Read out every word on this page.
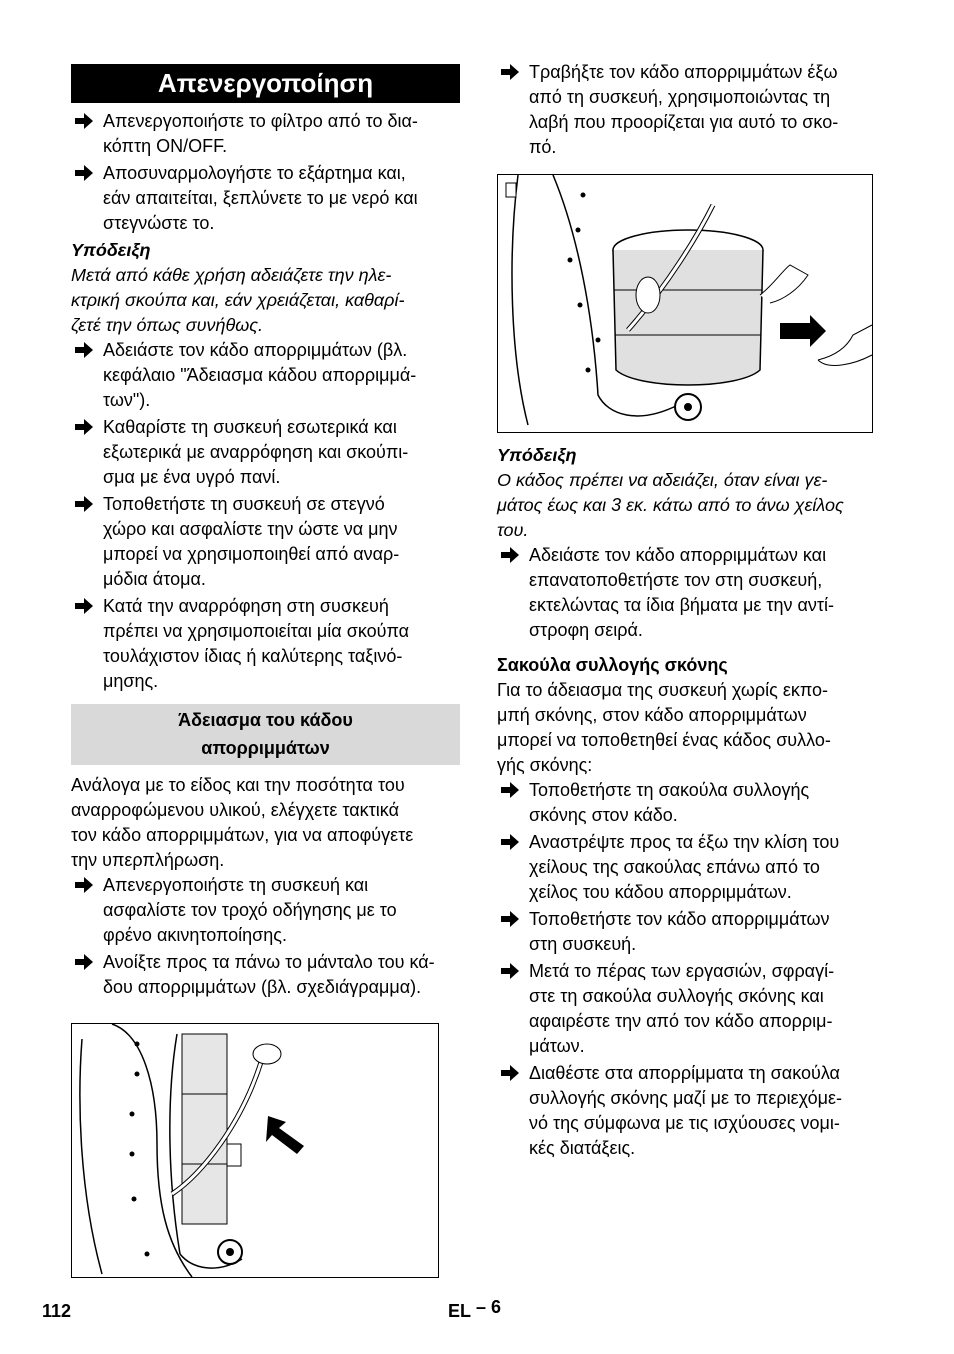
Απενεργοποίηση
Απενεργοποιήστε το φίλτρο από το δια-
κόπτη ON/OFF.
Αποσυναρμολογήστε το εξάρτημα και,
εάν απαιτείται, ξεπλύνετε το με νερό και
στεγνώστε το.
Υπόδειξη
Μετά από κάθε χρήση αδειάζετε την ηλε-
κτρική σκούπα και, εάν χρειάζεται, καθαρί-
ζετέ την όπως συνήθως.
Αδειάστε τον κάδο απορριμμάτων (βλ.
κεφάλαιο "Άδειασμα κάδου απορριμμά-
των").
Καθαρίστε τη συσκευή εσωτερικά και
εξωτερικά με αναρρόφηση και σκούπι-
σμα με ένα υγρό πανί.
Τοποθετήστε τη συσκευή σε στεγνό
χώρο και ασφαλίστε την ώστε να μην
μπορεί να χρησιμοποιηθεί από αναρ-
μόδια άτομα.
Κατά την αναρρόφηση στη συσκευή
πρέπει να χρησιμοποιείται μία σκούπα
τουλάχιστον ίδιας ή καλύτερης ταξινό-
μησης.
Άδειασμα του κάδου
απορριμμάτων
Ανάλογα με το είδος και την ποσότητα του
αναρροφώμενου υλικού, ελέγχετε τακτικά
τον κάδο απορριμμάτων, για να αποφύγετε
την υπερπλήρωση.
Απενεργοποιήστε τη συσκευή και
ασφαλίστε τον τροχό οδήγησης με το
φρένο ακινητοποίησης.
Ανοίξτε προς τα πάνω το μάνταλο του κά-
δου απορριμμάτων (βλ. σχεδιάγραμμα).
Τραβήξτε τον κάδο απορριμμάτων έξω
από τη συσκευή, χρησιμοποιώντας τη
λαβή που προορίζεται για αυτό το σκο-
πό.
Υπόδειξη
Ο κάδος πρέπει να αδειάζει, όταν είναι γε-
μάτος έως και 3 εκ. κάτω από το άνω χείλος
του.
Αδειάστε τον κάδο απορριμμάτων και
επανατοποθετήστε τον στη συσκευή,
εκτελώντας τα ίδια βήματα με την αντί-
στροφη σειρά.
Σακούλα συλλογής σκόνης
Για το άδειασμα της συσκευή χωρίς εκπο-
μπή σκόνης, στον κάδο απορριμμάτων
μπορεί να τοποθετηθεί ένας κάδος συλλο-
γής σκόνης:
Τοποθετήστε τη σακούλα συλλογής
σκόνης στον κάδο.
Αναστρέψτε προς τα έξω την κλίση του
χείλους της σακούλας επάνω από το
χείλος του κάδου απορριμμάτων.
Τοποθετήστε τον κάδο απορριμμάτων
στη συσκευή.
Μετά το πέρας των εργασιών, σφραγί-
στε τη σακούλα συλλογής σκόνης και
αφαιρέστε την από τον κάδο απορριμ-
μάτων.
Διαθέστε στα απορρίμματα τη σακούλα
συλλογής σκόνης μαζί με το περιεχόμε-
νό της σύμφωνα με τις ισχύουσες νομι-
κές διατάξεις.
112	EL – 6
